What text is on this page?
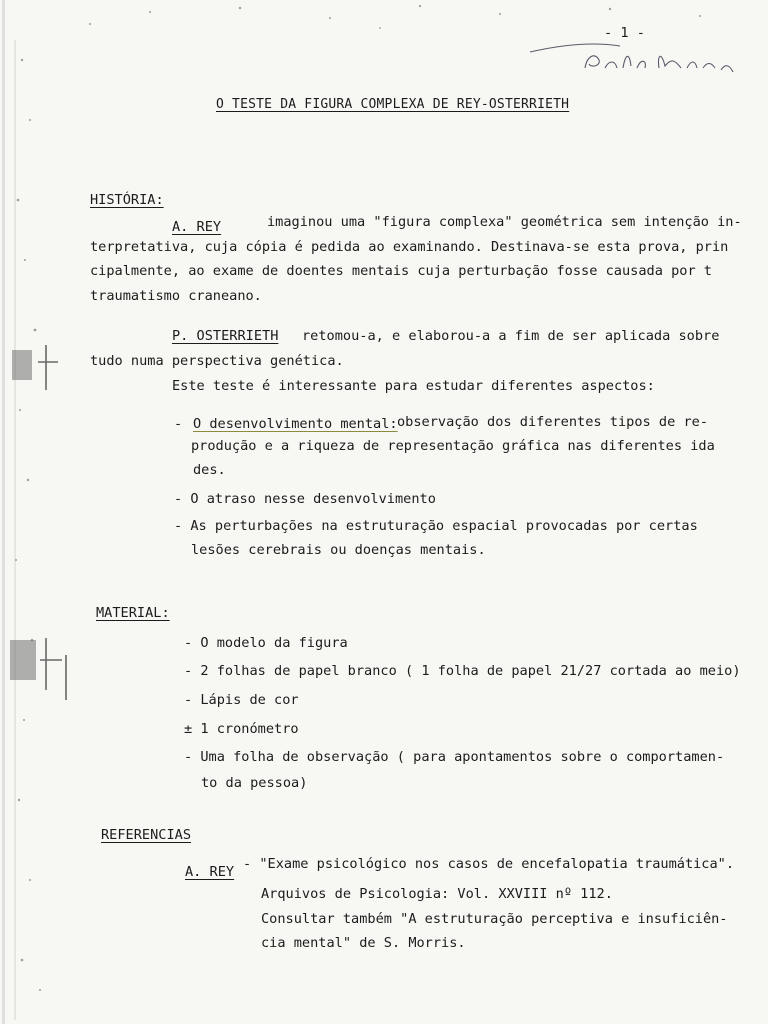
- 1 -
O TESTE DA FIGURA COMPLEXA DE REY-OSTERRIETH
HISTÓRIA:
A. REY	imaginou uma "figura complexa" geométrica sem intenção in-
terpretativa, cuja cópia é pedida ao examinando. Destinava-se esta prova, prin
cipalmente, ao exame de doentes mentais cuja perturbação fosse causada por t
traumatismo craneano.
P. OSTERRIETH retomou-a, e elaborou-a a fim de ser aplicada sobre
tudo numa perspectiva genética.
Este teste é interessante para estudar diferentes aspectos:
- O desenvolvimento mental: observação dos diferentes tipos de re-
produção e a riqueza de representação gráfica nas diferentes ida
des.
- O atraso nesse desenvolvimento
- As perturbações na estruturação espacial provocadas por certas
lesões cerebrais ou doenças mentais.
MATERIAL:
- O modelo da figura
- 2 folhas de papel branco ( 1 folha de papel 21/27 cortada ao meio)
- Lápis de cor
± 1 cronómetro
- Uma folha de observação ( para apontamentos sobre o comportamen-
to da pessoa)
REFERENCIAS
A. REY - "Exame psicológico nos casos de encefalopatia traumática".
Arquivos de Psicologia: Vol. XXVIII nº 112.
Consultar também "A estruturação perceptiva e insuficiên-
cia mental" de S. Morris.
